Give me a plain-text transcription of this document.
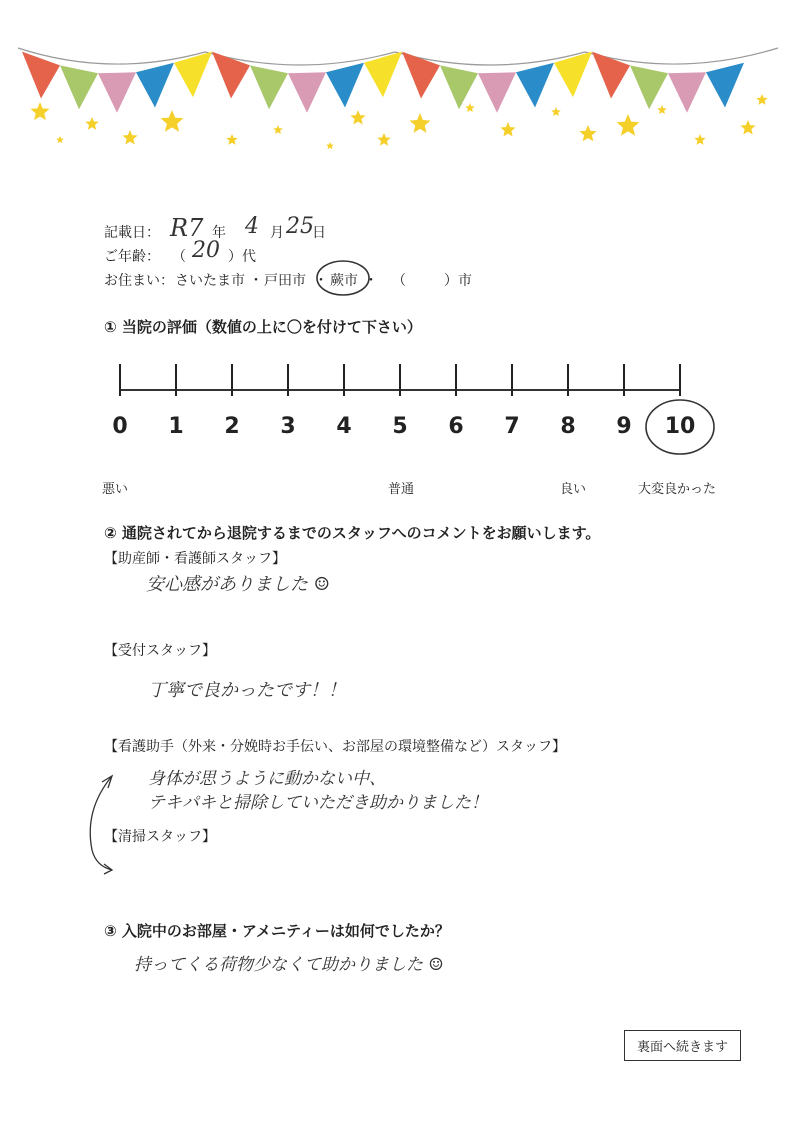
記載日： R7 年 4 月 25
日
ご年齢： （ 20 ）代
お住まい： さいたま市 ・ 戸田市 ・ 蕨市 ・ （	）市
① 当院の評価（数値の上に〇を付けて下さい）
0	1	2	3	4	5	6	7	8	9	10
悪い	普通	良い	大変良かった
② 通院されてから退院するまでのスタッフへのコメントをお願いします。
【助産師・看護師スタッフ】
安心感がありました ☺
【受付スタッフ】
丁寧で良かったです！！
【看護助手（外来・分娩時お手伝い、お部屋の環境整備など）スタッフ】
身体が思うように動かない中、
テキパキと掃除していただき助かりました！
【清掃スタッフ】
③ 入院中のお部屋・アメニティーは如何でしたか？
持ってくる荷物少なくて助かりました ☺
裏面へ続きます
